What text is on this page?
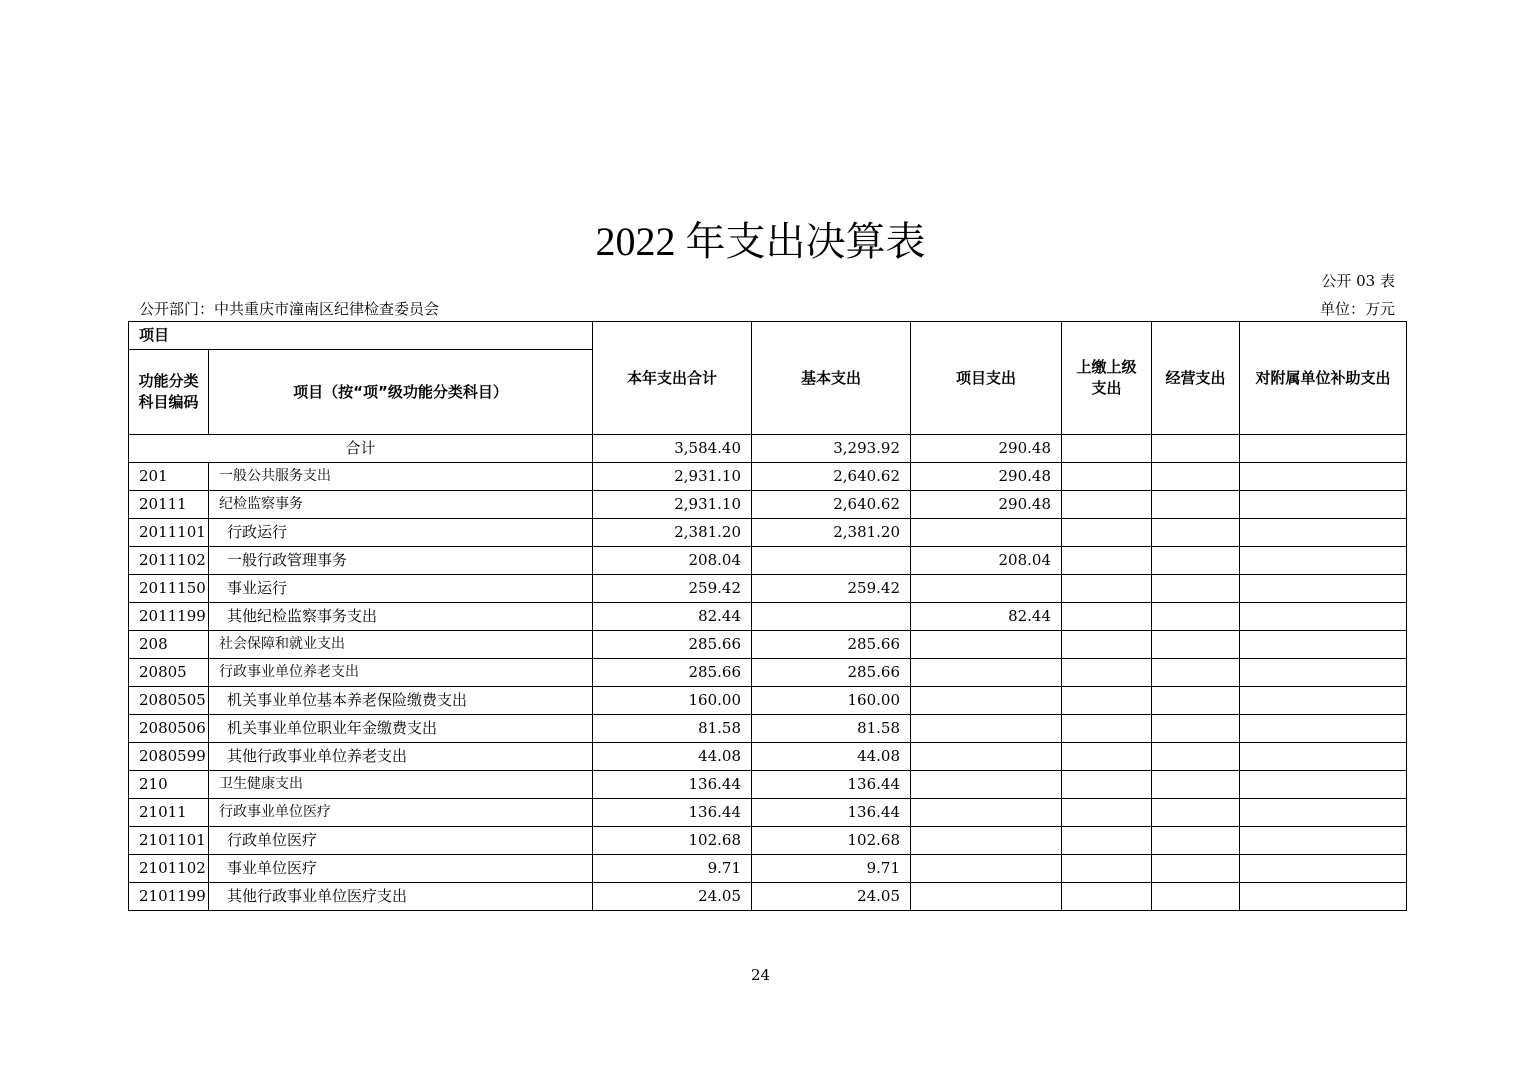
2022 年支出决算表
公开 03 表
公开部门：中共重庆市潼南区纪律检查委员会	单位：万元
项目		本年支出合计	基本支出	项目支出	上缴上级支出	经营支出	对附属单位补助支出
功能分类科目编码	项目（按“项”级功能分类科目）						
合计		3,584.40	3,293.92	290.48			
201	一般公共服务支出	2,931.10	2,640.62	290.48			
20111	纪检监察事务	2,931.10	2,640.62	290.48			
2011101	行政运行	2,381.20	2,381.20				
2011102	一般行政管理事务	208.04		208.04			
2011150	事业运行	259.42	259.42				
2011199	其他纪检监察事务支出	82.44		82.44			
208	社会保障和就业支出	285.66	285.66				
20805	行政事业单位养老支出	285.66	285.66				
2080505	机关事业单位基本养老保险缴费支出	160.00	160.00				
2080506	机关事业单位职业年金缴费支出	81.58	81.58				
2080599	其他行政事业单位养老支出	44.08	44.08				
210	卫生健康支出	136.44	136.44				
21011	行政事业单位医疗	136.44	136.44				
2101101	行政单位医疗	102.68	102.68				
2101102	事业单位医疗	9.71	9.71				
2101199	其他行政事业单位医疗支出	24.05	24.05				
24
